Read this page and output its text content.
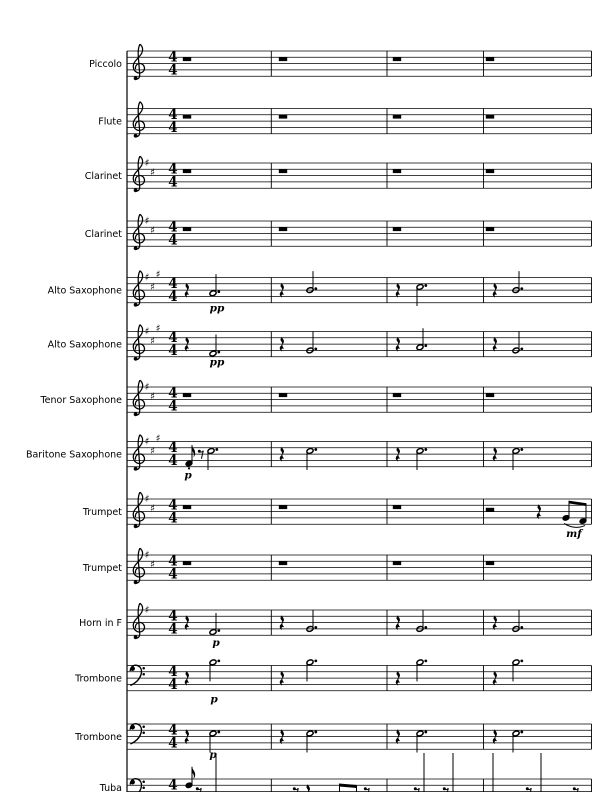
Piccolo	4
4
Flute	4
4
Clarinet
♯
♯ 4
4
Clarinet
♯
♯ 4
4
Alto Saxophone
♯
♯
♯
4
4
pp
Alto Saxophone
♯
♯
♯
4
4
pp
Tenor Saxophone
♯
♯ 4
4
Baritone Saxophone
♯
♯
♯
4
4
p
Trumpet
♯
♯ 4
4
mf
Trumpet
♯
♯ 4
4
Horn in F
♯ 4
4
p
Trombone	4
4
p
Trombone	4
4
p
Tuba	4
